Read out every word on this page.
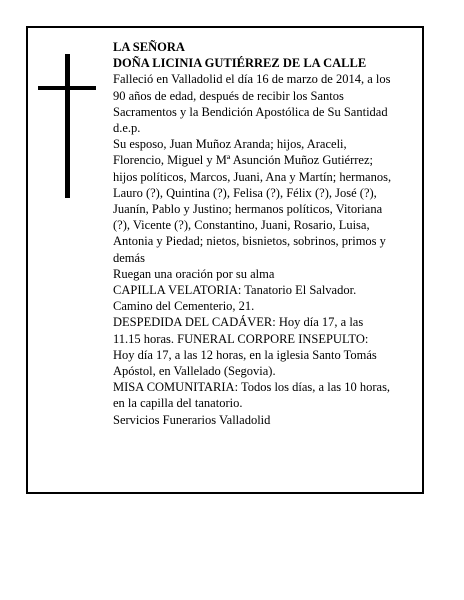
LA SEÑORA
DOÑA LICINIA GUTIÉRREZ DE LA CALLE
Falleció en Valladolid el día 16 de marzo de 2014, a los
90 años de edad, después de recibir los Santos
Sacramentos y la Bendición Apostólica de Su Santidad
d.e.p.
Su esposo, Juan Muñoz Aranda; hijos, Araceli,
Florencio, Miguel y Mª Asunción Muñoz Gutiérrez;
hijos políticos, Marcos, Juani, Ana y Martín; hermanos,
Lauro (?), Quintina (?), Felisa (?), Félix (?), José (?),
Juanín, Pablo y Justino; hermanos políticos, Vitoriana
(?), Vicente (?), Constantino, Juani, Rosario, Luisa,
Antonia y Piedad; nietos, bisnietos, sobrinos, primos y
demás
Ruegan una oración por su alma
CAPILLA VELATORIA: Tanatorio El Salvador.
Camino del Cementerio, 21.
DESPEDIDA DEL CADÁVER: Hoy día 17, a las
11.15 horas. FUNERAL CORPORE INSEPULTO:
Hoy día 17, a las 12 horas, en la iglesia Santo Tomás
Apóstol, en Vallelado (Segovia).
MISA COMUNITARIA: Todos los días, a las 10 horas,
en la capilla del tanatorio.
Servicios Funerarios Valladolid
